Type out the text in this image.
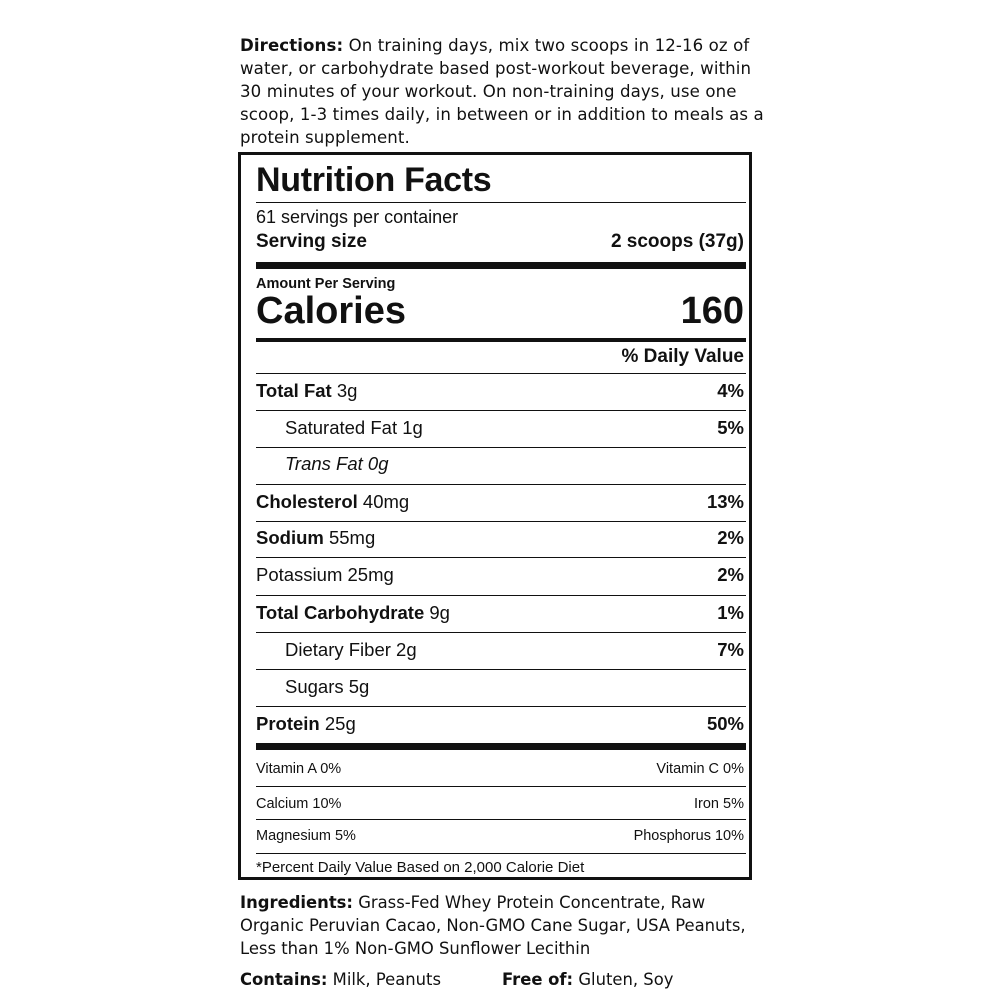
Directions: On training days, mix two scoops in 12-16 oz of water, or carbohydrate based post-workout beverage, within 30 minutes of your workout. On non-training days, use one scoop, 1-3 times daily, in between or in addition to meals as a protein supplement.
Nutrition Facts
61 servings per container
Serving size	2 scoops (37g)
Amount Per Serving
Calories	160
% Daily Value
Total Fat 3g	4%
Saturated Fat 1g	5%
Trans Fat 0g
Cholesterol 40mg	13%
Sodium 55mg	2%
Potassium 25mg	2%
Total Carbohydrate 9g	1%
Dietary Fiber 2g	7%
Sugars 5g
Protein 25g	50%
Vitamin A 0%	Vitamin C 0%
Calcium 10%	Iron 5%
Magnesium 5%	Phosphorus 10%
*Percent Daily Value Based on 2,000 Calorie Diet
Ingredients: Grass-Fed Whey Protein Concentrate, Raw Organic Peruvian Cacao, Non-GMO Cane Sugar, USA Peanuts, Less than 1% Non-GMO Sunflower Lecithin
Contains: Milk, Peanuts	Free of: Gluten, Soy
